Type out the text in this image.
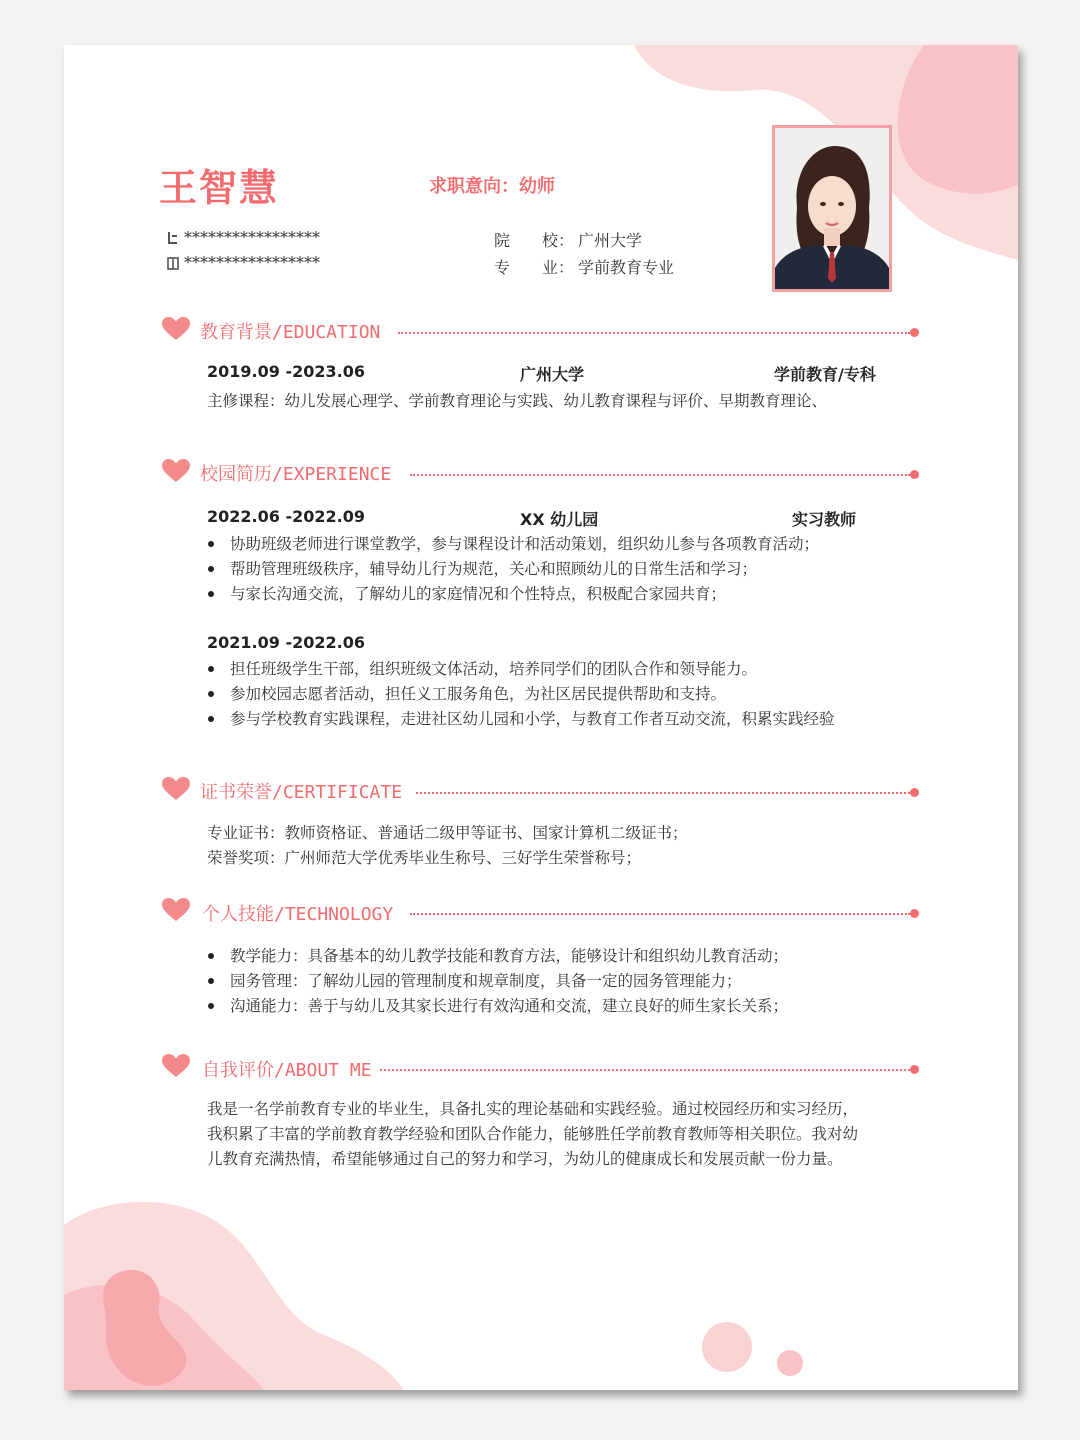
王智慧	求职意向：幼师
*****************
*****************
院　　校： 广州大学
专　　业： 学前教育专业
教育背景/EDUCATION
2019.09 -2023.06	广州大学	学前教育/专科
主修课程：幼儿发展心理学、学前教育理论与实践、幼儿教育课程与评价、早期教育理论、
校园简历/EXPERIENCE
2022.06 -2022.09	XX 幼儿园	实习教师
协助班级老师进行课堂教学，参与课程设计和活动策划，组织幼儿参与各项教育活动；
帮助管理班级秩序，辅导幼儿行为规范，关心和照顾幼儿的日常生活和学习；
与家长沟通交流，了解幼儿的家庭情况和个性特点，积极配合家园共育；
2021.09 -2022.06
担任班级学生干部，组织班级文体活动，培养同学们的团队合作和领导能力。
参加校园志愿者活动，担任义工服务角色，为社区居民提供帮助和支持。
参与学校教育实践课程，走进社区幼儿园和小学，与教育工作者互动交流，积累实践经验
证书荣誉/CERTIFICATE
专业证书：教师资格证、普通话二级甲等证书、国家计算机二级证书；
荣誉奖项：广州师范大学优秀毕业生称号、三好学生荣誉称号；
个人技能/TECHNOLOGY
教学能力：具备基本的幼儿教学技能和教育方法，能够设计和组织幼儿教育活动；
园务管理：了解幼儿园的管理制度和规章制度，具备一定的园务管理能力；
沟通能力：善于与幼儿及其家长进行有效沟通和交流，建立良好的师生家长关系；
自我评价/ABOUT ME
我是一名学前教育专业的毕业生，具备扎实的理论基础和实践经验。通过校园经历和实习经历，
我积累了丰富的学前教育教学经验和团队合作能力，能够胜任学前教育教师等相关职位。我对幼
儿教育充满热情，希望能够通过自己的努力和学习，为幼儿的健康成长和发展贡献一份力量。
